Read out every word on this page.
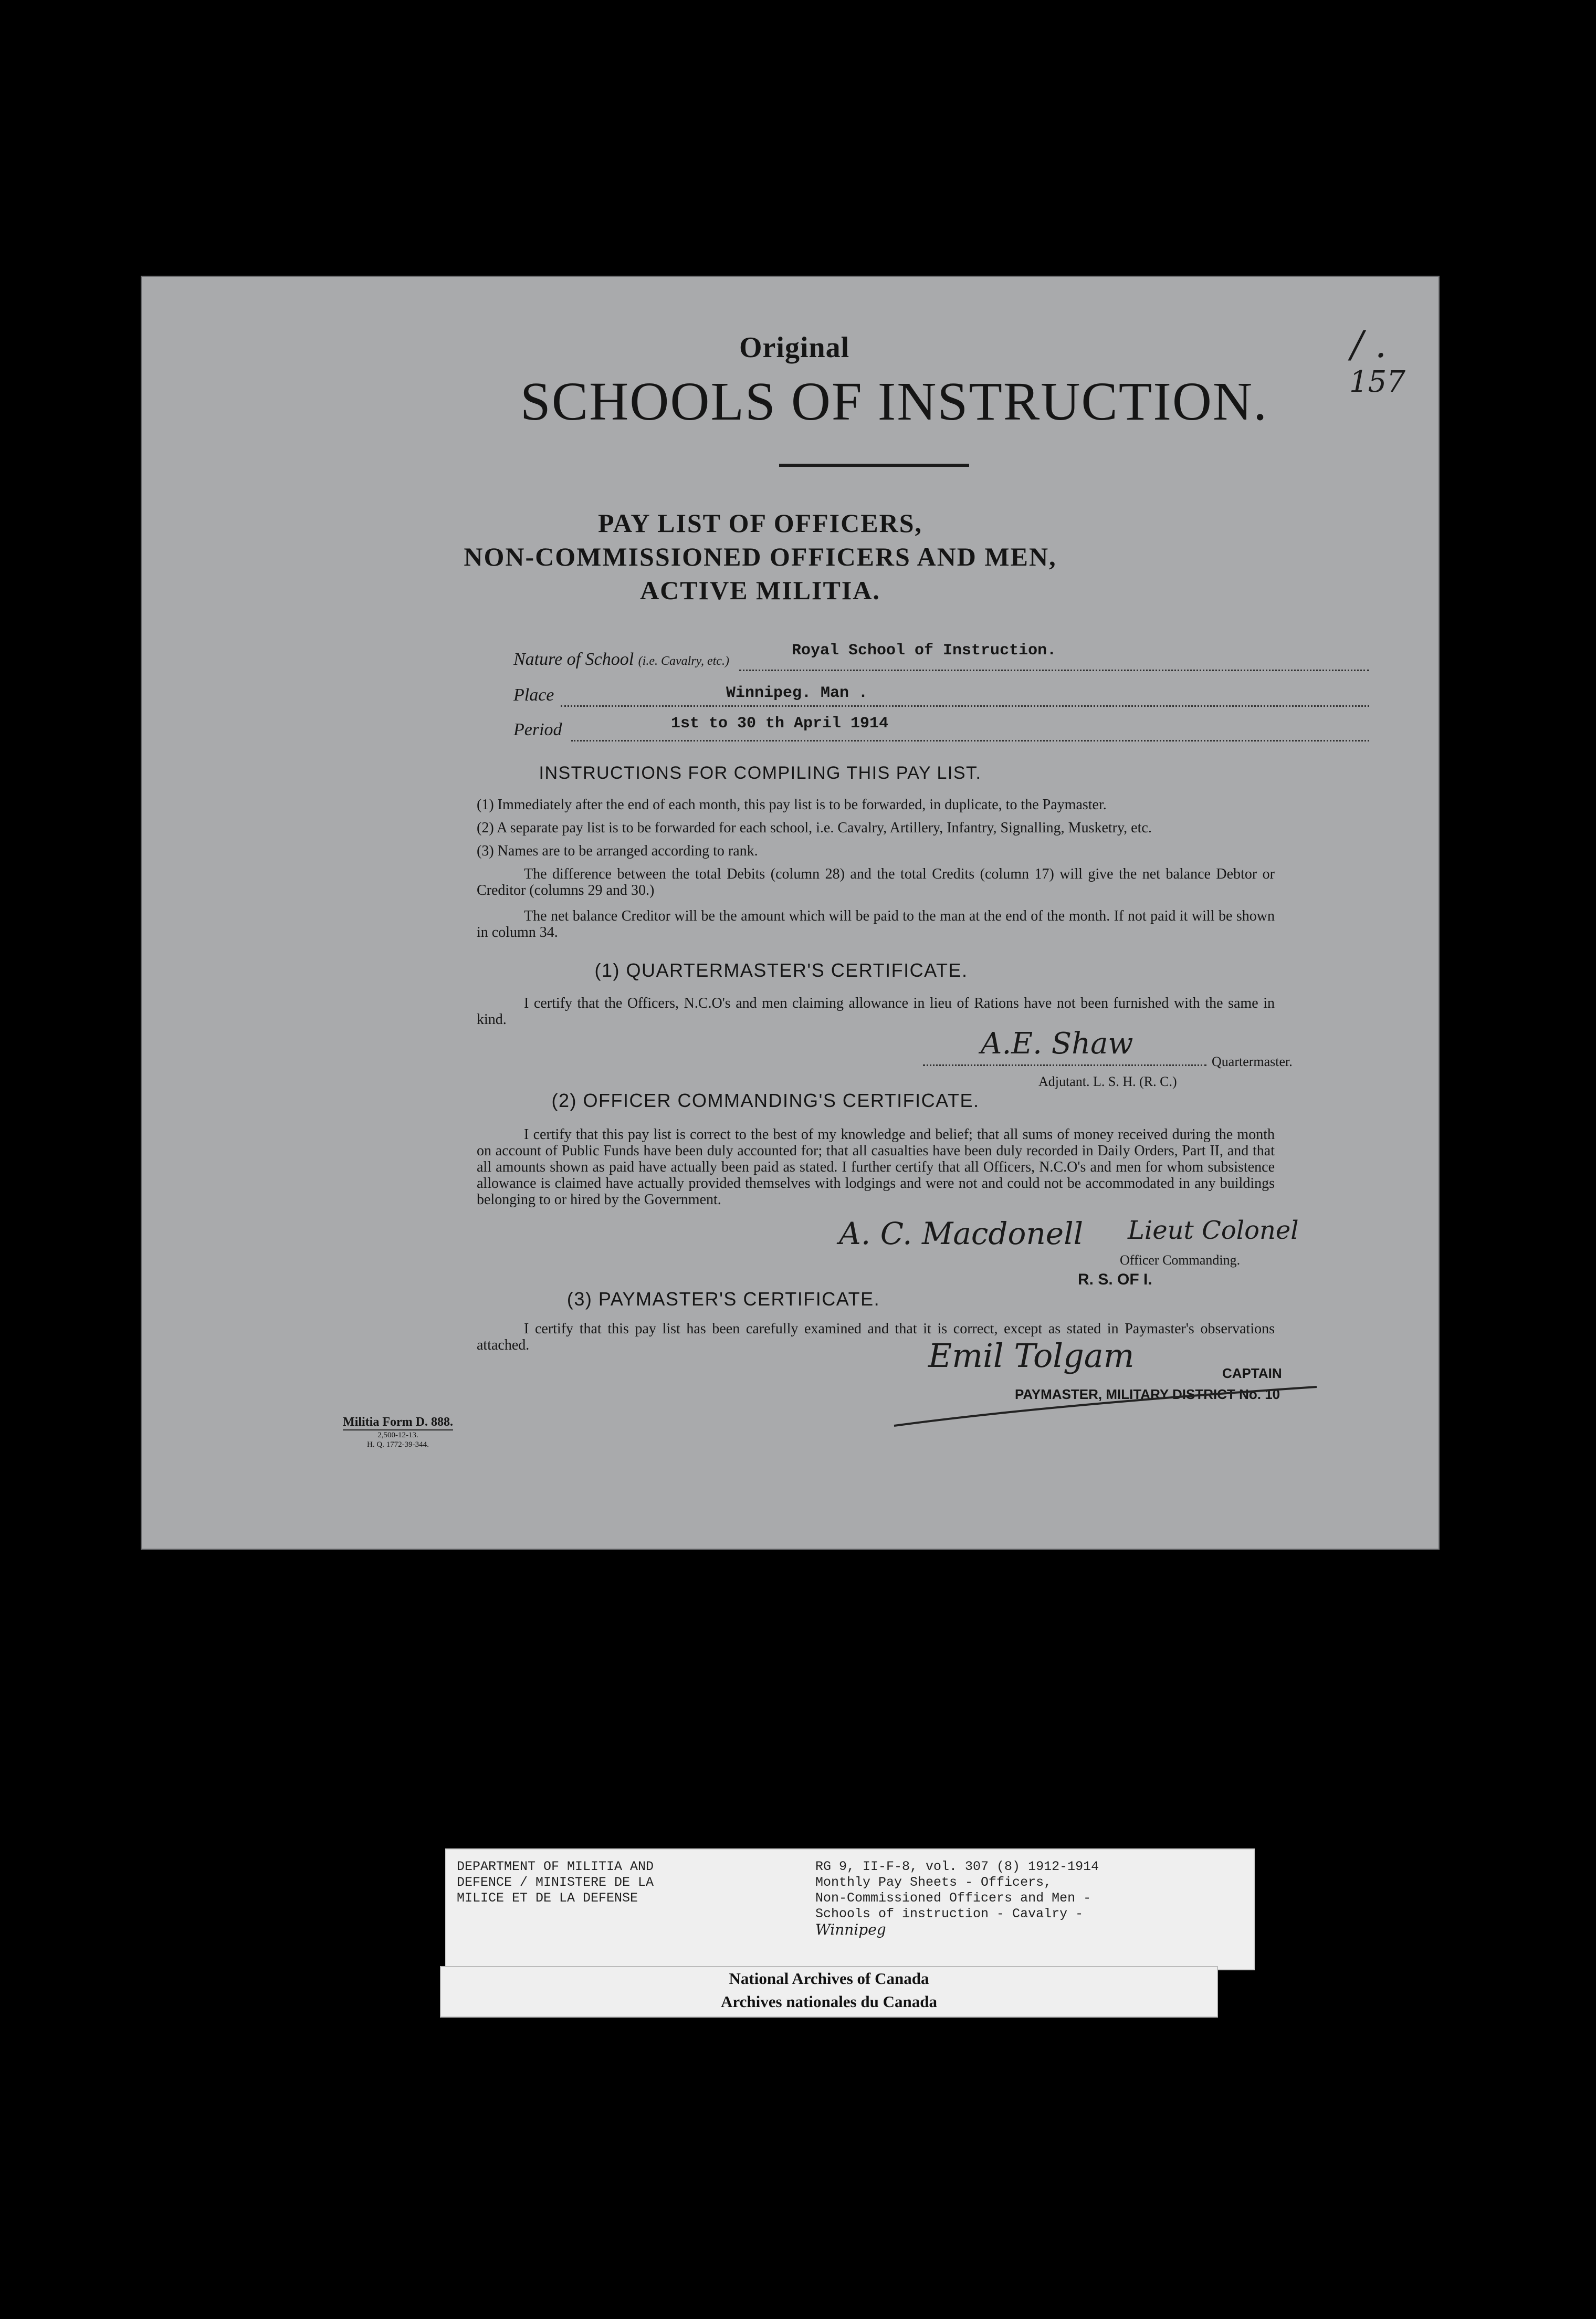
Original	/ .
157
SCHOOLS OF INSTRUCTION.
PAY LIST OF OFFICERS,
NON-COMMISSIONED OFFICERS AND MEN,
ACTIVE MILITIA.
Nature of School (i.e. Cavalry, etc.)
Royal School of Instruction.
Place	Winnipeg. Man .
Period	1st to 30 th April 1914
INSTRUCTIONS FOR COMPILING THIS PAY LIST.
(1) Immediately after the end of each month, this pay list is to be forwarded, in duplicate, to the Paymaster.
(2) A separate pay list is to be forwarded for each school, i.e. Cavalry, Artillery, Infantry, Signalling, Musketry, etc.
(3) Names are to be arranged according to rank.
The difference between the total Debits (column 28) and the total Credits (column 17) will give the net balance Debtor or Creditor (columns 29 and 30.)
The net balance Creditor will be the amount which will be paid to the man at the end of the month. If not paid it will be shown in column 34.
(1) QUARTERMASTER'S CERTIFICATE.
I certify that the Officers, N.C.O's and men claiming allowance in lieu of Rations have not been furnished with the same in kind.
A.E. Shaw
Quartermaster.
Adjutant. L. S. H. (R. C.)
(2) OFFICER COMMANDING'S CERTIFICATE.
I certify that this pay list is correct to the best of my knowledge and belief; that all sums of money received during the month on account of Public Funds have been duly accounted for; that all casualties have been duly recorded in Daily Orders, Part II, and that all amounts shown as paid have actually been paid as stated. I further certify that all Officers, N.C.O's and men for whom subsistence allowance is claimed have actually provided themselves with lodgings and were not and could not be accommodated in any buildings belonging to or hired by the Government.
A. C. Macdonell Lieut Colonel
Officer Commanding.
R. S. OF I.
(3) PAYMASTER'S CERTIFICATE.
I certify that this pay list has been carefully examined and that it is correct, except as stated in Paymaster's observations attached.	Emil Tolgam	CAPTAIN
PAYMASTER, MILITARY DISTRICT No. 10
Militia Form D. 888.
2,500-12-13.
H. Q. 1772-39-344.
DEPARTMENT OF MILITIA AND
DEFENCE / MINISTERE DE LA
MILICE ET DE LA DEFENSE
RG 9, II-F-8, vol. 307 (8) 1912-1914
Monthly Pay Sheets - Officers,
Non-Commissioned Officers and Men -
Schools of instruction - Cavalry -
Winnipeg
National Archives of Canada
Archives nationales du Canada
